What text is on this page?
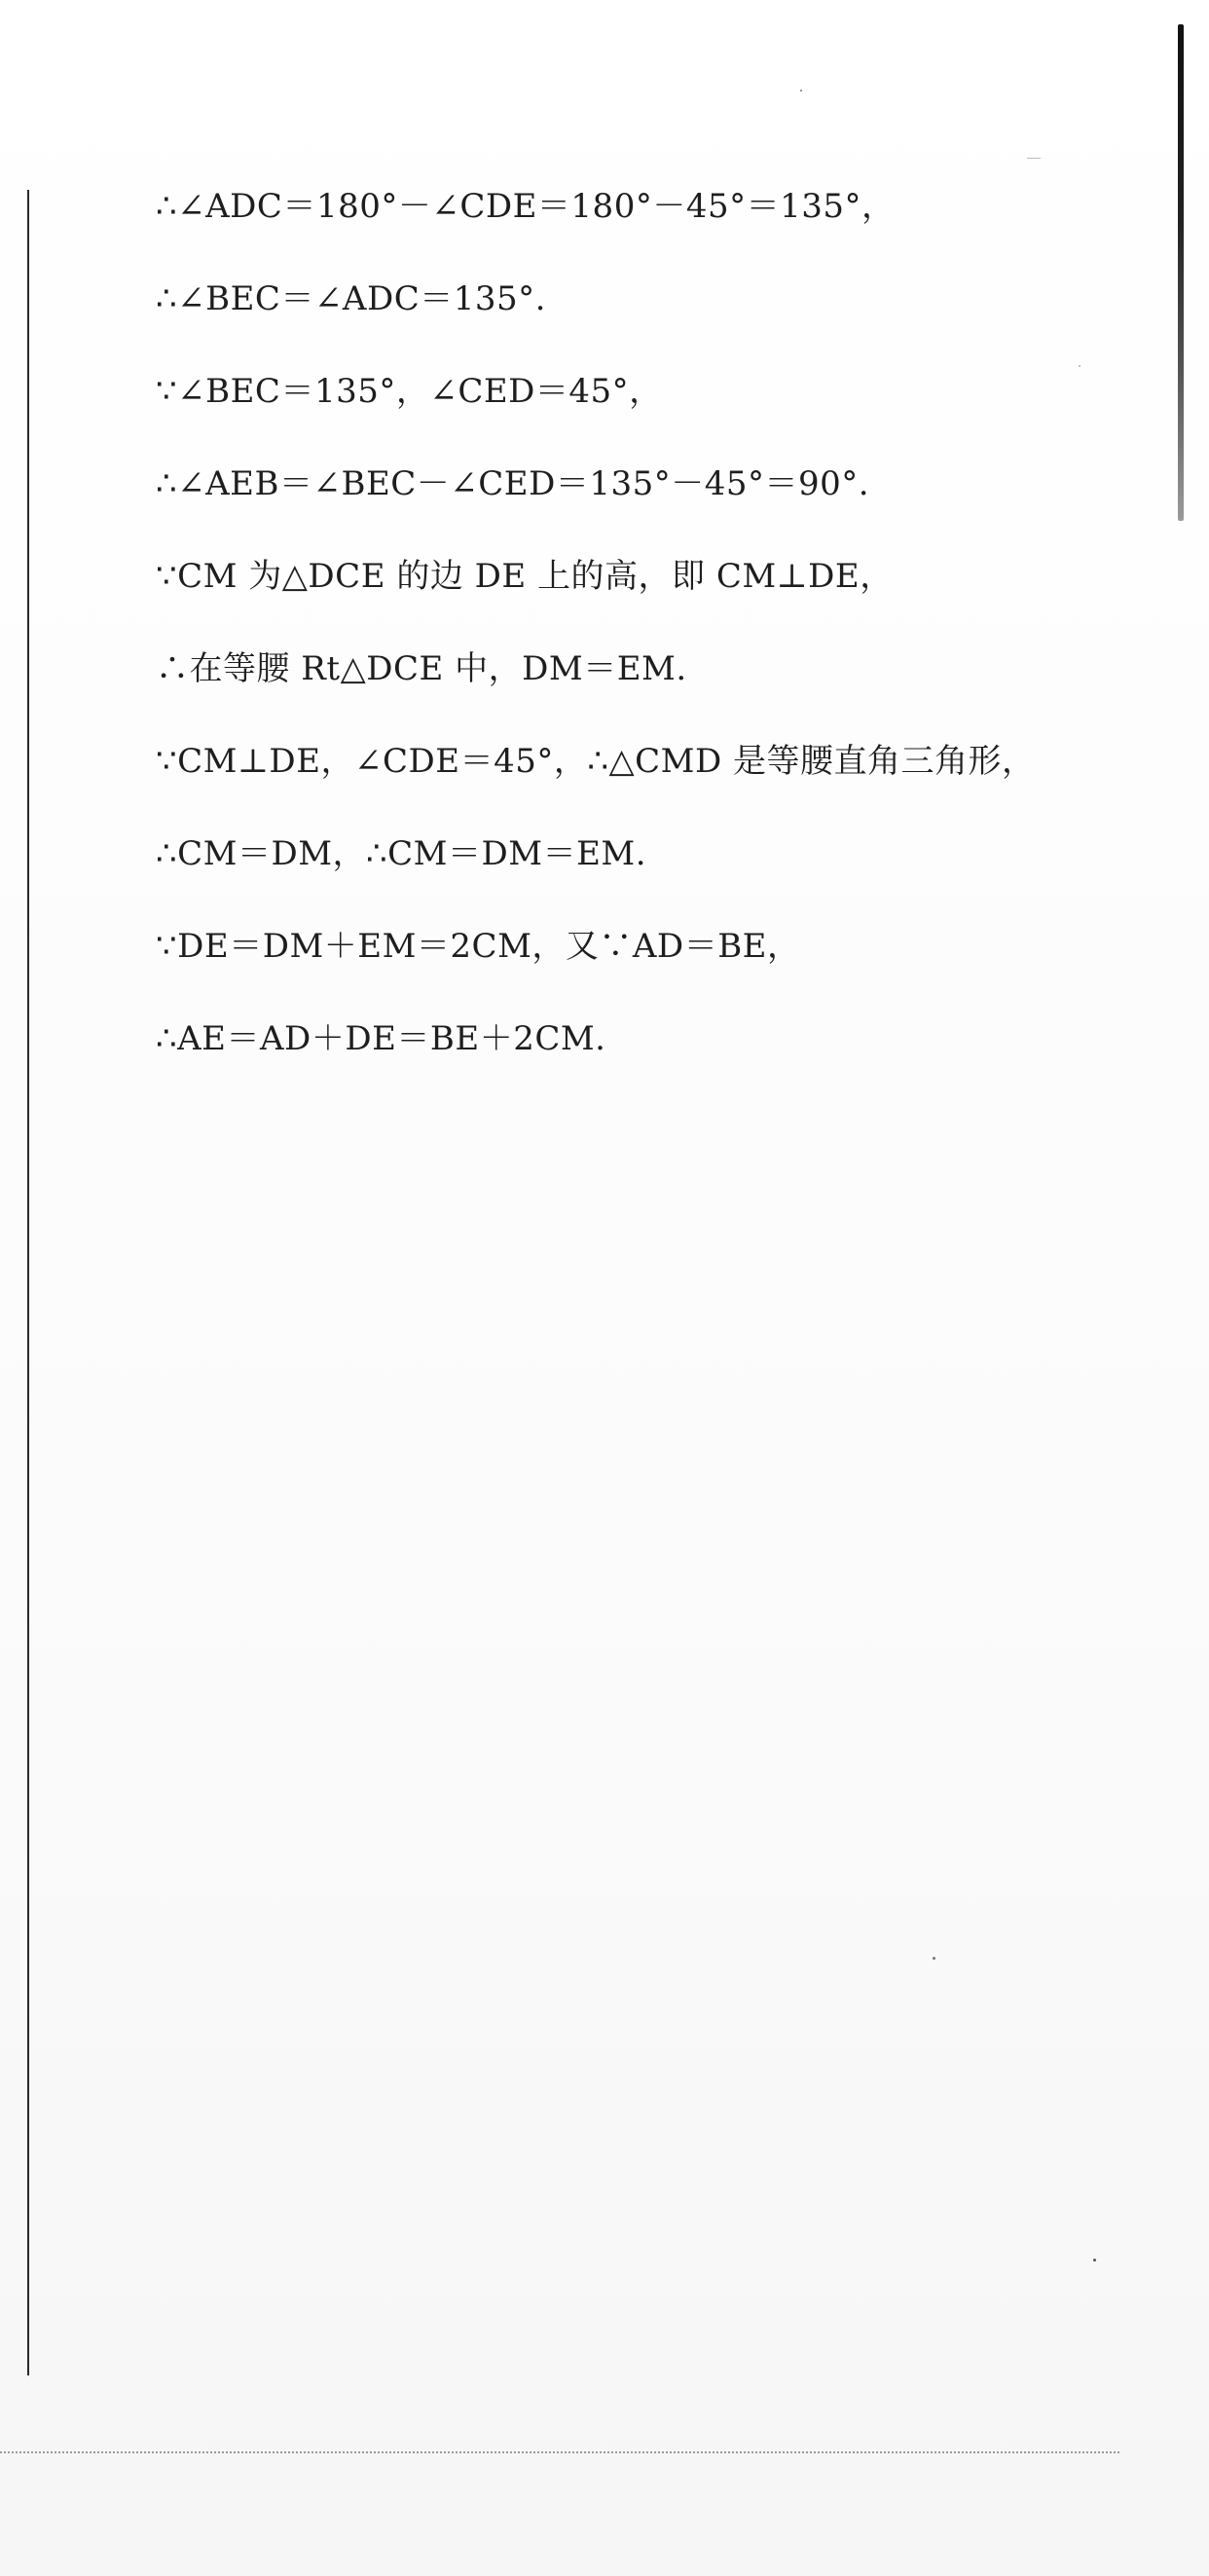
∴∠ADC＝180°－∠CDE＝180°－45°＝135°，
∴∠BEC＝∠ADC＝135°.
∵∠BEC＝135°，∠CED＝45°，
∴∠AEB＝∠BEC－∠CED＝135°－45°＝90°.
∵CM 为△DCE 的边 DE 上的高，即 CM⊥DE，
∴在等腰 Rt△DCE 中，DM＝EM.
∵CM⊥DE，∠CDE＝45°，∴△CMD 是等腰直角三角形，
∴CM＝DM，∴CM＝DM＝EM.
∵DE＝DM＋EM＝2CM，又∵AD＝BE，
∴AE＝AD＋DE＝BE＋2CM.
